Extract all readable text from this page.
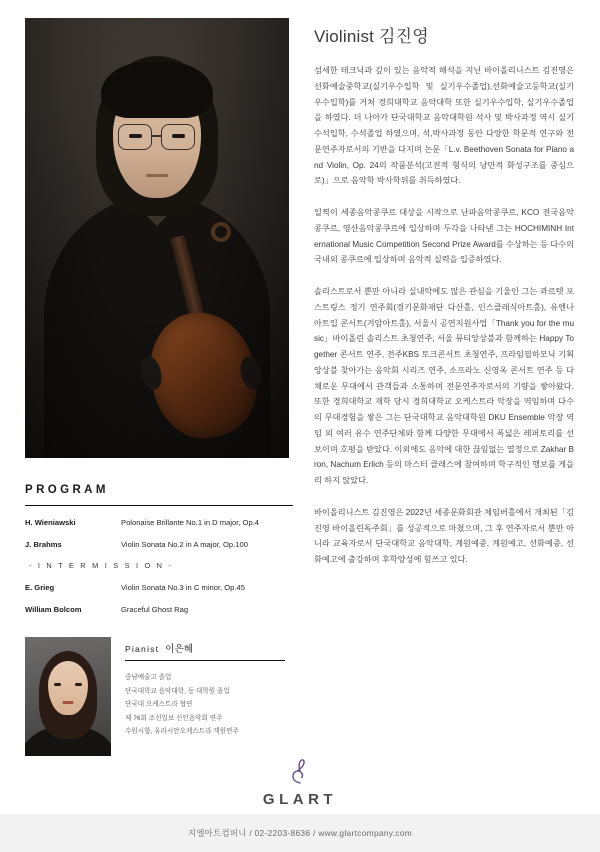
PROGRAM
H. Wieniawski	Polonaise Brillante No.1 in D major, Op.4
J. Brahms	Violin Sonata No.2 in A major, Op.100
- I N T E R M I S S I O N -
E. Grieg	Violin Sonata No.3 in C minor, Op.45
William Bolcom	Graceful Ghost Rag
Pianist 이은혜
중남예술고 졸업
단국대학교 음악대학, 동 대학원 졸업
단국대 오케스트라 협연
제 76회 조선일보 신인음악회 연주
수원시향, 유라시안오케스트라 객원연주
Violinist 김진영

섬세한 테크닉과 깊이 있는 음악적 해석을 지닌 바이올리니스트 김진영은 선화예술중학교(실기우수입학 및 실기우수졸업),선화예술고등학교(실기우수입학)를 거쳐 경희대학교 음악대학 또한 실기우수입학, 실기우수졸업을 하였다. 더 나아가 단국대학교 음악대학원 석사 및 박사과정 역시 실기수석입학, 수석졸업 하였으며, 석,박사과정 동안 다양한 학문적 연구와 전문연주자로서의 기반을 다지며 논문「L.v. Beethoven Sonata for Piano and Violin, Op. 24의 작품분석(고전적 형식의 낭만적 화성구조를 중심으로)」으로 음악학 박사학위를 취득하였다.

일찍이 세종음악콩쿠르 대상을 시작으로 난파음악콩쿠르, KCO 전국음악콩쿠르, 영산음악콩쿠르에 입상하며 두각을 나타낸 그는 HOCHIMINH International Music Competition Second Prize Award를 수상하는 등 다수의 국내외 콩쿠르에 입상하며 음악적 실력을 입증하였다.

솔리스트로서 뿐만 아니라 실내악에도 많은 관심을 기울인 그는 콰르텟 포스트링스 정기 연주회(경기문화재단 다산홀, 인스클래식아트홀), 유엔나 아트입 콘서트(겨암아트홀), 서울시 공연지원사업「Thank you for the music」바이올린 솔리스트 초청연주, 서울 뮤티앙상블과 함께하는 Happy Together 콘서트 연주, 전주KBS 토크콘서트 초청연주, 프라임필하모닉 기획 앙상블 찾아가는 음악회 시리즈 연주, 소프라노 신영옥 콘서트 연주 등 다채로운 무대에서 관객들과 소통하며 전문연주자로서의 기량을 쌓아왔다. 또한 경희대학교 재학 당시 경희대학교 오케스트라 악장을 역임하며 다수의 무대경험을 쌓은 그는 단국대학교 음악대학원 DKU Ensemble 악장 역임 외 여러 유수 연주단체와 함께 다양한 무대에서 폭넓은 레퍼토리를 선보이며 호평을 받았다. 이외에도 음악에 대한 끊임없는 열정으로 Zakhar Bron, Nachum Erlich 등의 마스터 클래스에 참여하며 학구적인 행보를 게을리 하지 않았다.

바이올리니스트 김진영은 2022년 세종문화회관 체임버홀에서 개최된「김진영 바이올린독주회」를 성공적으로 마쳤으며, 그 후 연주자로서 뿐만 아니라 교육자로서 단국대학교 음악대학, 계원예중, 계원예고, 선화예중, 선화예고에 출강하며 후학양성에 힘쓰고 있다.

GLART
지엘아트컴퍼니 / 02-2203-8636 / www.glartcompany.com
